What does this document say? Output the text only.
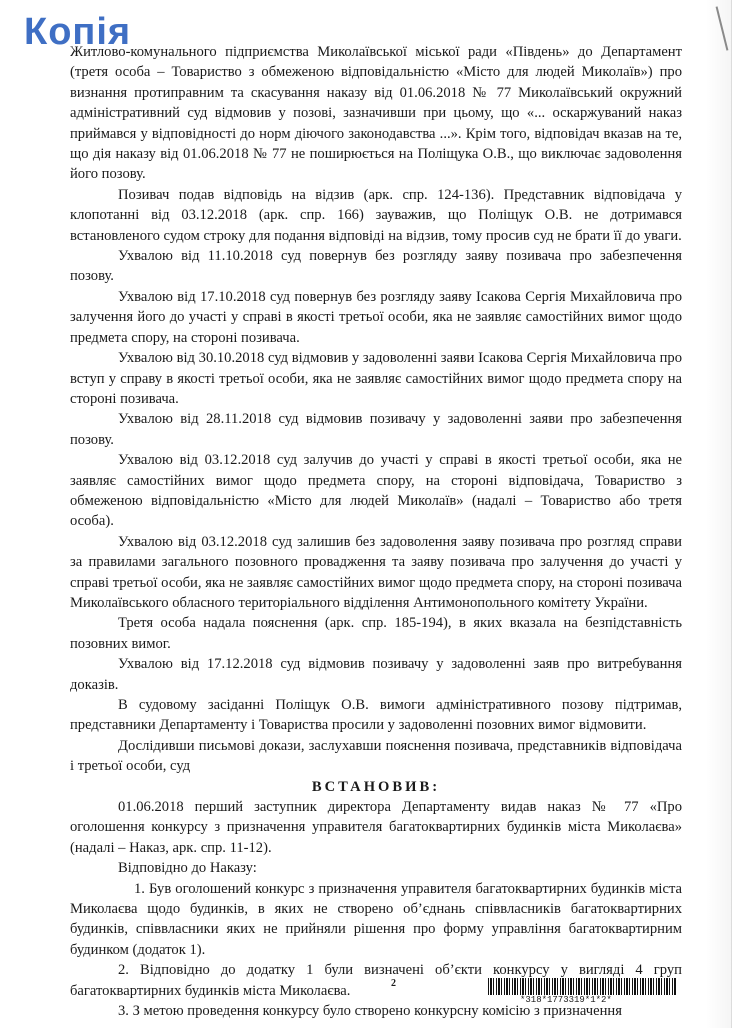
Копія

Житлово-комунального підприємства Миколаївської міської ради «Південь» до Департамент (третя особа – Товариство з обмеженою відповідальністю «Місто для людей Миколаїв») про визнання протиправним та скасування наказу від 01.06.2018 № 77 Миколаївський окружний адміністративний суд відмовив у позові, зазначивши при цьому, що «... оскаржуваний наказ приймався у відповідності до норм діючого законодавства ...». Крім того, відповідач вказав на те, що дія наказу від 01.06.2018 № 77 не поширюється на Поліщука О.В., що виключає задоволення його позову.

Позивач подав відповідь на відзив (арк. спр. 124-136). Представник відповідача у клопотанні від 03.12.2018 (арк. спр. 166) зауважив, що Поліщук О.В. не дотримався встановленого судом строку для подання відповіді на відзив, тому просив суд не брати її до уваги.

Ухвалою від 11.10.2018 суд повернув без розгляду заяву позивача про забезпечення позову.

Ухвалою від 17.10.2018 суд повернув без розгляду заяву Ісакова Сергія Михайловича про залучення його до участі у справі в якості третьої особи, яка не заявляє самостійних вимог щодо предмета спору, на стороні позивача.

Ухвалою від 30.10.2018 суд відмовив у задоволенні заяви Ісакова Сергія Михайловича про вступ у справу в якості третьої особи, яка не заявляє самостійних вимог щодо предмета спору на стороні позивача.

Ухвалою від 28.11.2018 суд відмовив позивачу у задоволенні заяви про забезпечення позову.

Ухвалою від 03.12.2018 суд залучив до участі у справі в якості третьої особи, яка не заявляє самостійних вимог щодо предмета спору, на стороні відповідача, Товариство з обмеженою відповідальністю «Місто для людей Миколаїв» (надалі – Товариство або третя особа).

Ухвалою від 03.12.2018 суд залишив без задоволення заяву позивача про розгляд справи за правилами загального позовного провадження та заяву позивача про залучення до участі у справі третьої особи, яка не заявляє самостійних вимог щодо предмета спору, на стороні позивача Миколаївського обласного територіального відділення Антимонопольного комітету України.

Третя особа надала пояснення (арк. спр. 185-194), в яких вказала на безпідставність позовних вимог.

Ухвалою від 17.12.2018 суд відмовив позивачу у задоволенні заяв про витребування доказів.

В судовому засіданні Поліщук О.В. вимоги адміністративного позову підтримав, представники Департаменту і Товариства просили у задоволенні позовних вимог відмовити.

Дослідивши письмові докази, заслухавши пояснення позивача, представників відповідача і третьої особи, суд

ВСТАНОВИВ:

01.06.2018 перший заступник директора Департаменту видав наказ № 77 «Про оголошення конкурсу з призначення управителя багатоквартирних будинків міста Миколаєва» (надалі – Наказ, арк. спр. 11-12).

Відповідно до Наказу:

1. Був оголошений конкурс з призначення управителя багатоквартирних будинків міста Миколаєва щодо будинків, в яких не створено об’єднань співвласників багатоквартирних будинків, співвласники яких не прийняли рішення про форму управління багатоквартирним будинком (додаток 1).

2. Відповідно до додатку 1 були визначені об’єкти конкурсу у вигляді 4 груп багатоквартирних будинків міста Миколаєва.

3. З метою проведення конкурсу було створено конкурсну комісію з призначення

2
*318*1773319*1*2*
